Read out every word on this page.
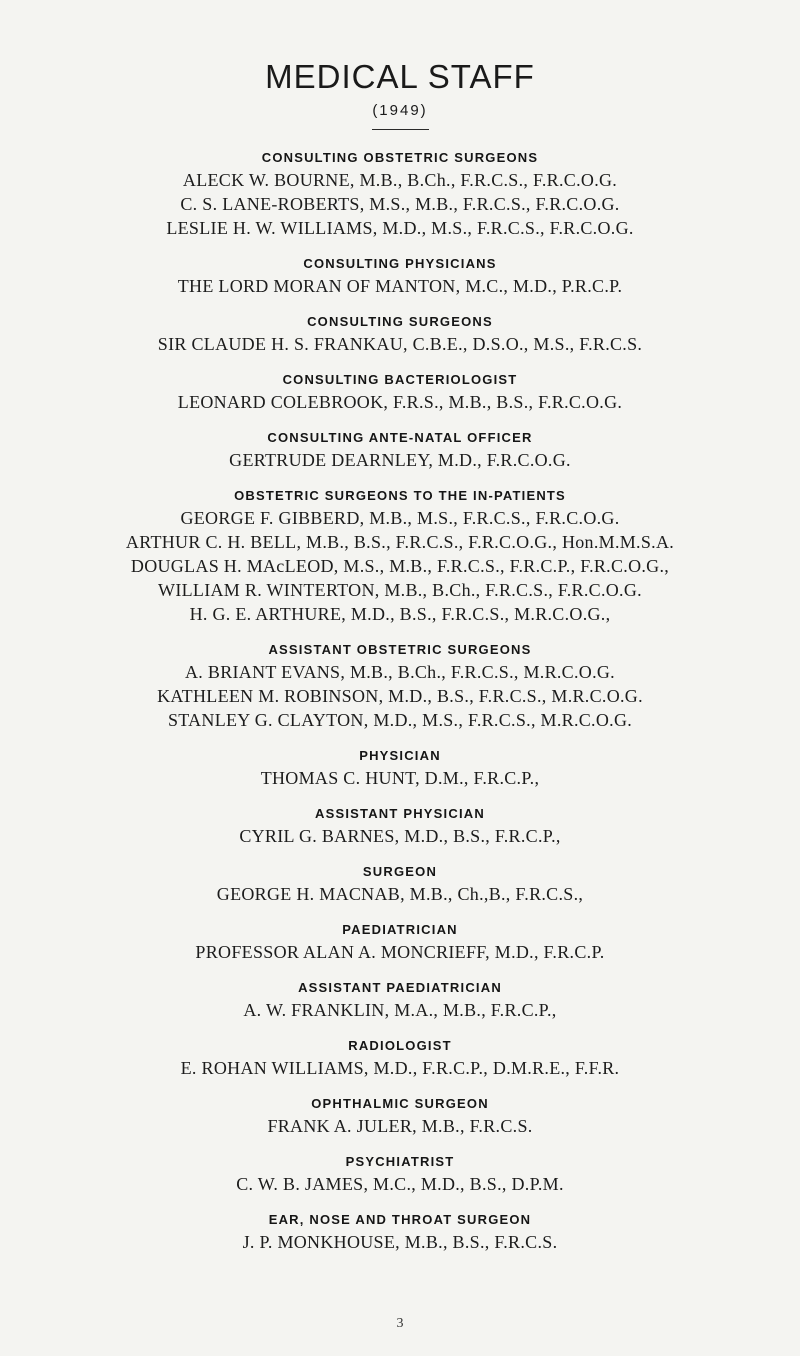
MEDICAL STAFF
(1949)
CONSULTING OBSTETRIC SURGEONS
ALECK W. BOURNE, M.B., B.Ch., F.R.C.S., F.R.C.O.G.
C. S. LANE-ROBERTS, M.S., M.B., F.R.C.S., F.R.C.O.G.
LESLIE H. W. WILLIAMS, M.D., M.S., F.R.C.S., F.R.C.O.G.
CONSULTING PHYSICIANS
THE LORD MORAN OF MANTON, M.C., M.D., P.R.C.P.
CONSULTING SURGEONS
SIR CLAUDE H. S. FRANKAU, C.B.E., D.S.O., M.S., F.R.C.S.
CONSULTING BACTERIOLOGIST
LEONARD COLEBROOK, F.R.S., M.B., B.S., F.R.C.O.G.
CONSULTING ANTE-NATAL OFFICER
GERTRUDE DEARNLEY, M.D., F.R.C.O.G.
OBSTETRIC SURGEONS TO THE IN-PATIENTS
GEORGE F. GIBBERD, M.B., M.S., F.R.C.S., F.R.C.O.G.
ARTHUR C. H. BELL, M.B., B.S., F.R.C.S., F.R.C.O.G., Hon.M.M.S.A.
DOUGLAS H. MAcLEOD, M.S., M.B., F.R.C.S., F.R.C.P., F.R.C.O.G.,
WILLIAM R. WINTERTON, M.B., B.Ch., F.R.C.S., F.R.C.O.G.
H. G. E. ARTHURE, M.D., B.S., F.R.C.S., M.R.C.O.G.,
ASSISTANT OBSTETRIC SURGEONS
A. BRIANT EVANS, M.B., B.Ch., F.R.C.S., M.R.C.O.G.
KATHLEEN M. ROBINSON, M.D., B.S., F.R.C.S., M.R.C.O.G.
STANLEY G. CLAYTON, M.D., M.S., F.R.C.S., M.R.C.O.G.
PHYSICIAN
THOMAS C. HUNT, D.M., F.R.C.P.,
ASSISTANT PHYSICIAN
CYRIL G. BARNES, M.D., B.S., F.R.C.P.,
SURGEON
GEORGE H. MACNAB, M.B., Ch.,B., F.R.C.S.,
PAEDIATRICIAN
PROFESSOR ALAN A. MONCRIEFF, M.D., F.R.C.P.
ASSISTANT PAEDIATRICIAN
A. W. FRANKLIN, M.A., M.B., F.R.C.P.,
RADIOLOGIST
E. ROHAN WILLIAMS, M.D., F.R.C.P., D.M.R.E., F.F.R.
OPHTHALMIC SURGEON
FRANK A. JULER, M.B., F.R.C.S.
PSYCHIATRIST
C. W. B. JAMES, M.C., M.D., B.S., D.P.M.
EAR, NOSE AND THROAT SURGEON
J. P. MONKHOUSE, M.B., B.S., F.R.C.S.
3
